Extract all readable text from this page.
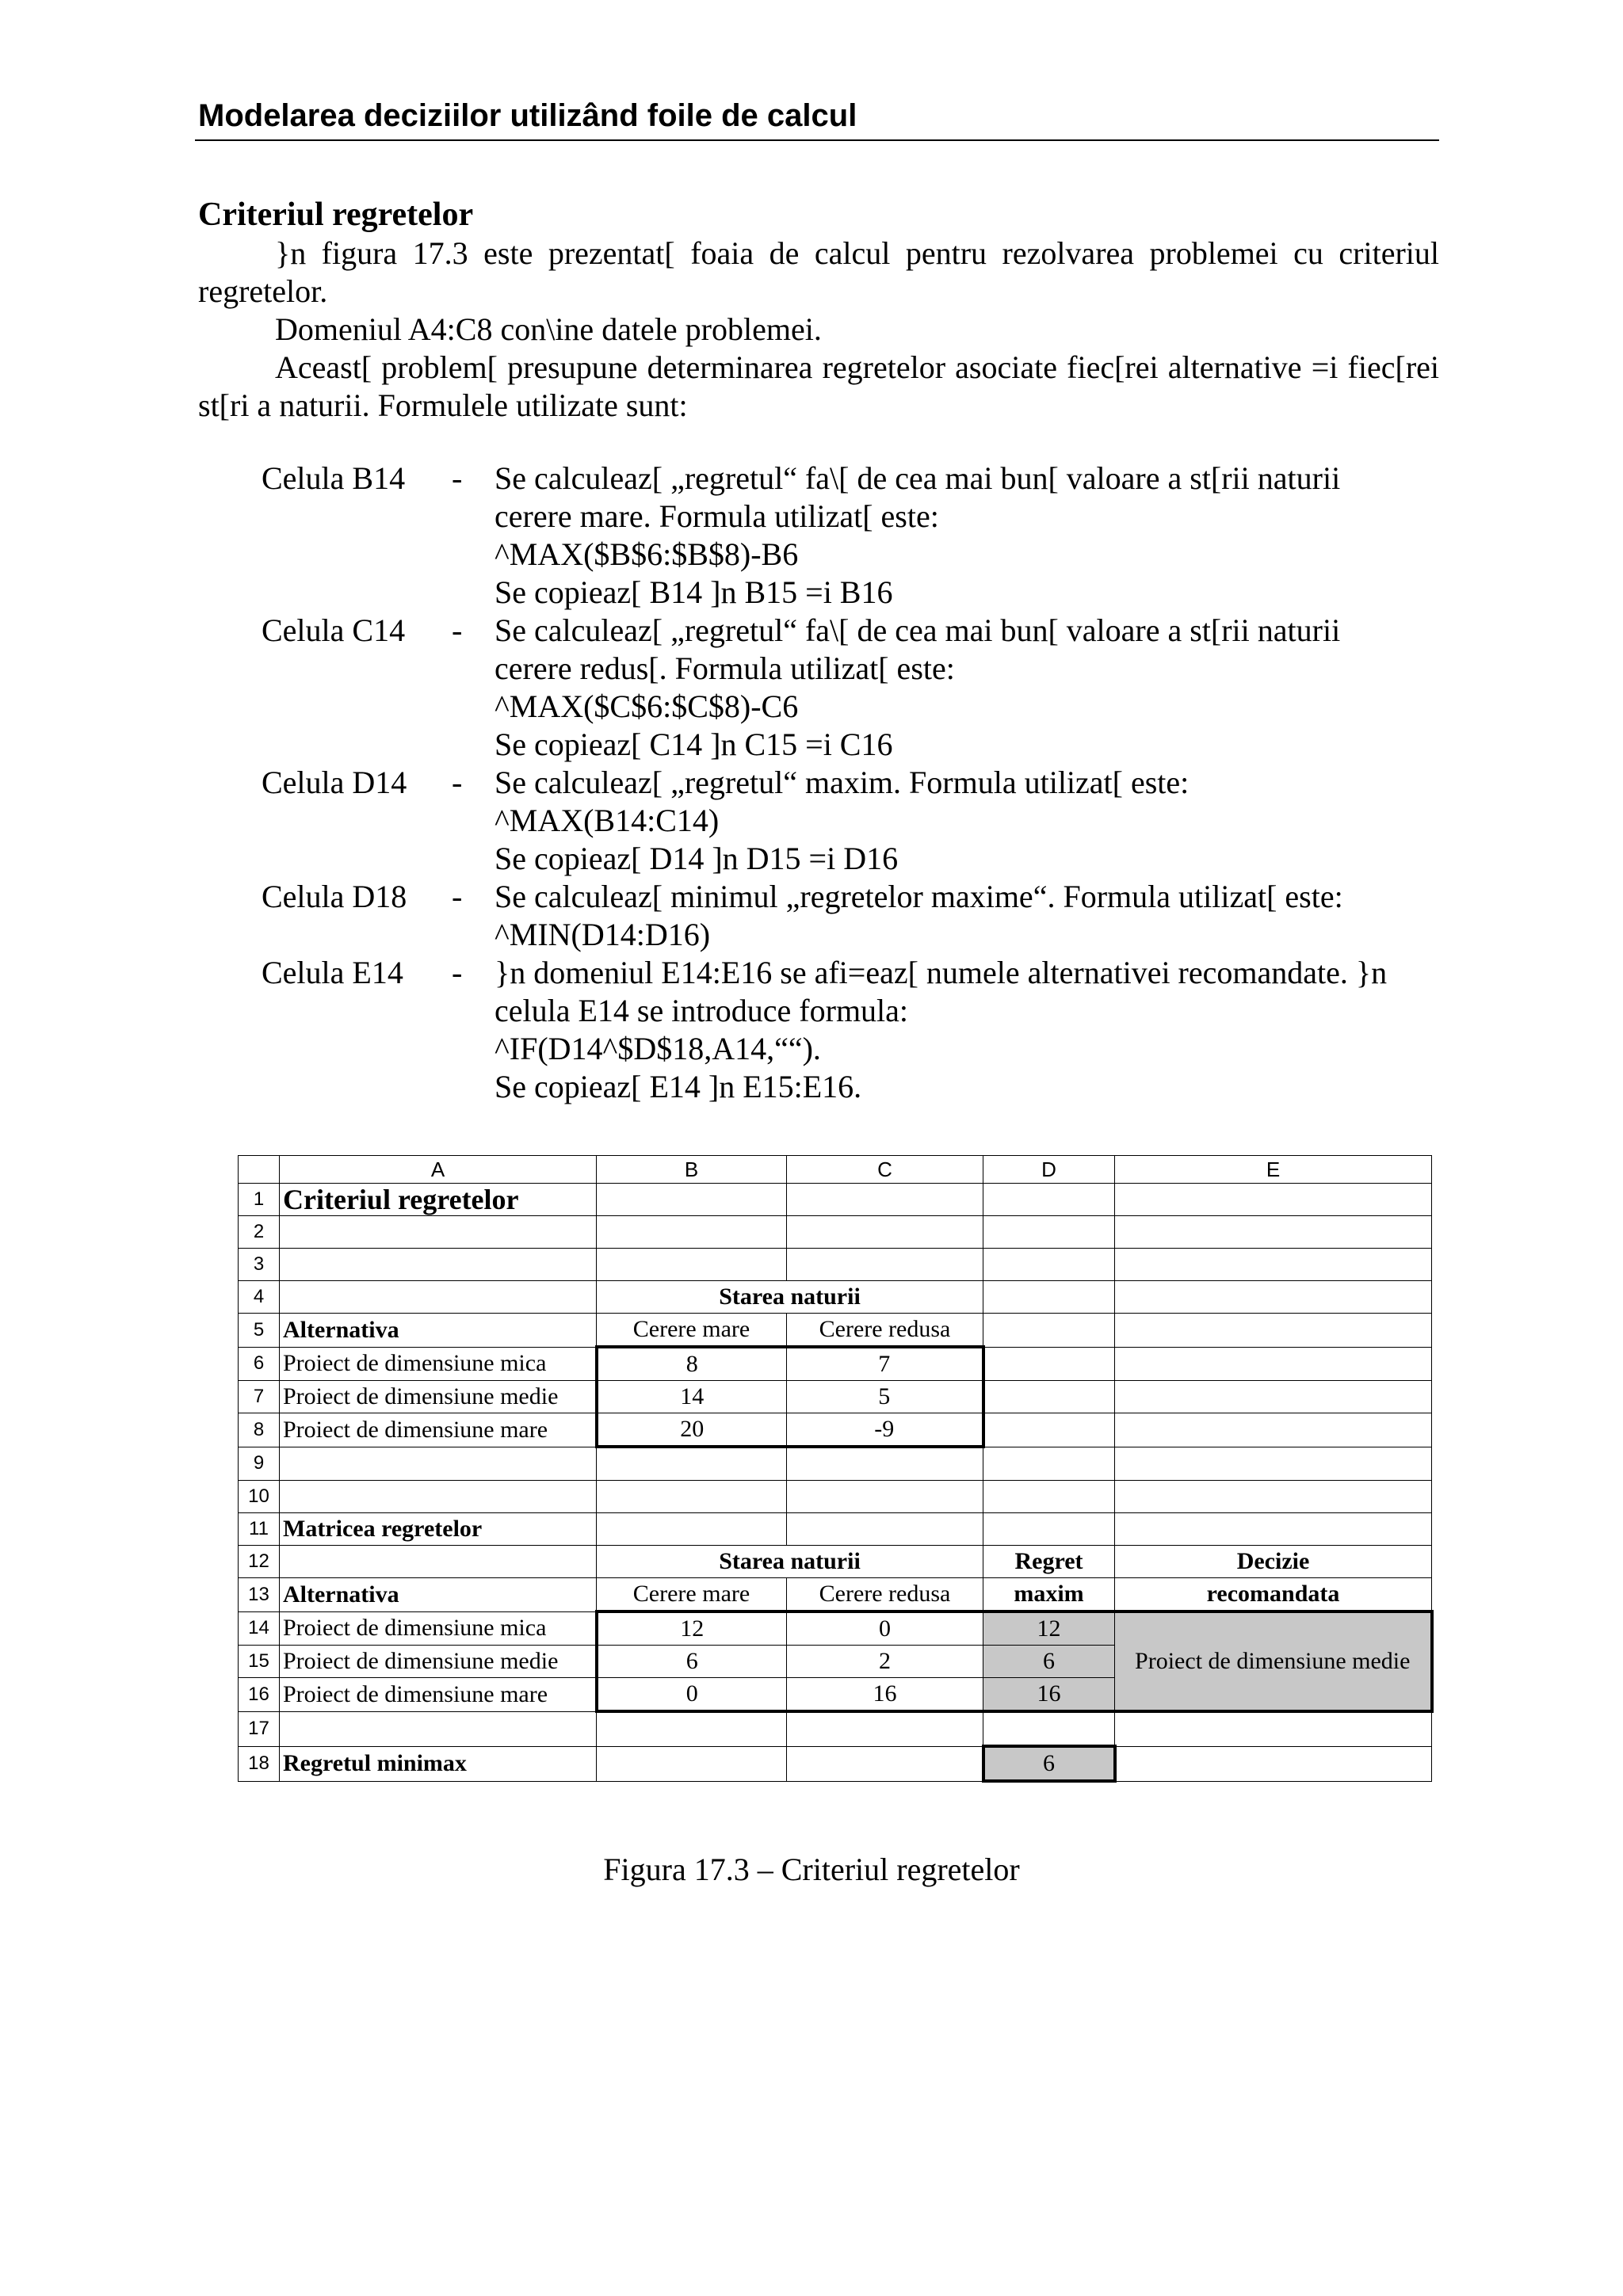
Modelarea deciziilor utilizând foile de calcul
Criteriul regretelor

}n figura 17.3 este prezentat[ foaia de calcul pentru rezolvarea problemei cu criteriul regretelor.

Domeniul A4:C8 con\ine datele problemei.

Aceast[ problem[ presupune determinarea regretelor asociate fiec[rei alternative =i fiec[rei st[ri a naturii. Formulele utilizate sunt:

Celula B14	-	Se calculeaz[ „regretul“ fa\[ de cea mai bun[ valoare a st[rii naturii
cerere mare. Formula utilizat[ este:
^MAX($B$6:$B$8)-B6
Se copieaz[ B14 ]n B15 =i B16
Celula C14	-	Se calculeaz[ „regretul“ fa\[ de cea mai bun[ valoare a st[rii naturii
cerere redus[. Formula utilizat[ este:
^MAX($C$6:$C$8)-C6
Se copieaz[ C14 ]n C15 =i C16
Celula D14	-	Se calculeaz[ „regretul“ maxim. Formula utilizat[ este:
^MAX(B14:C14)
Se copieaz[ D14 ]n D15 =i D16
Celula D18	-	Se calculeaz[ minimul „regretelor maxime“. Formula utilizat[ este:
^MIN(D14:D16)
Celula E14	-	}n domeniul E14:E16 se afi=eaz[ numele alternativei recomandate. }n
celula E14 se introduce formula:
^IF(D14^$D$18,A14,““).
Se copieaz[ E14 ]n E15:E16.
	A	B	C	D	E
1	Criteriul regretelor				
2					
3					
4		Starea naturii			
5	Alternativa	Cerere mare	Cerere redusa		
6	Proiect de dimensiune mica	8	7		
7	Proiect de dimensiune medie	14	5		
8	Proiect de dimensiune mare	20	-9		
9					
10					
11	Matricea regretelor				
12		Starea naturii		Regret	Decizie
13	Alternativa	Cerere mare	Cerere redusa	maxim	recomandata
14	Proiect de dimensiune mica	12	0	12	Proiect de dimensiune medie
15	Proiect de dimensiune medie	6	2	6	
16	Proiect de dimensiune mare	0	16	16	
17					
18	Regretul minimax			6	

Figura 17.3 – Criteriul regretelor
